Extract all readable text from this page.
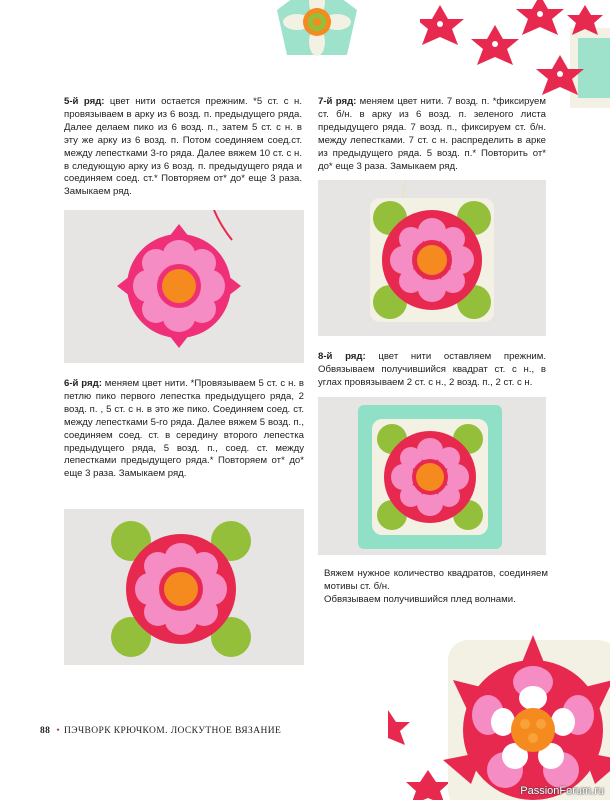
5-й ряд: цвет нити остается прежним. *5 ст. с н. провязываем в арку из 6 возд. п. предыдущего ряда. Далее делаем пико из 6 возд. п., затем 5 ст. с н. в эту же арку из 6 возд. п. Потом соединяем соед.ст. между лепестками 3-го ряда. Далее вяжем 10 ст. с н. в следующую арку из 6 возд. п. предыдущего ряда и соединяем соед. ст.* Повторяем от* до* еще 3 раза. Замыкаем ряд.

6-й ряд: меняем цвет нити. *Провязываем 5 ст. с н. в петлю пико первого лепестка предыдущего ряда, 2 возд. п. , 5 ст. с н. в это же пико. Соединяем соед. ст. между лепестками 5-го ряда. Далее вяжем 5 возд. п., соединяем соед. ст. в середину второго лепестка предыдущего ряда, 5 возд. п., соед. ст. между лепестками предыдущего ряда.* Повторяем от* до* еще 3 раза. Замыкаем ряд.

7-й ряд: меняем цвет нити. 7 возд. п. *фиксируем ст. б/н. в арку из 6 возд. п. зеленого листа предыдущего ряда. 7 возд. п., фиксируем ст. б/н. между лепестками. 7 ст. с н. распределить в арке из предыдущего ряда. 5 возд. п.* Повторить от* до* еще 3 раза. Замыкаем ряд.

8-й ряд: цвет нити оставляем прежним. Обвязываем получившийся квадрат ст. с н., в углах провязываем 2 ст. с н., 2 возд. п., 2 ст. с н.

Вяжем нужное количество квадратов, соединяем мотивы ст. б/н.
Обвязываем получившийся плед волнами.

88 • ПЭЧВОРК КРЮЧКОМ. ЛОСКУТНОЕ ВЯЗАНИЕ
PassionForum.ru
